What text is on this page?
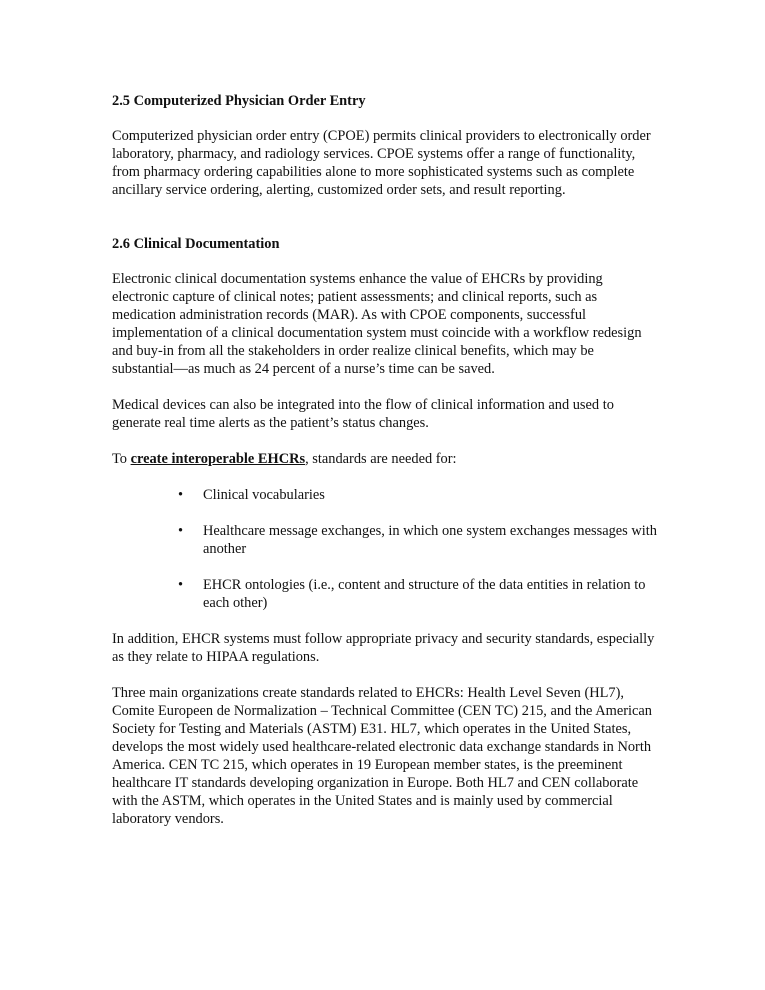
2.5 Computerized Physician Order Entry

Computerized physician order entry (CPOE) permits clinical providers to electronically order laboratory, pharmacy, and radiology services. CPOE systems offer a range of functionality, from pharmacy ordering capabilities alone to more sophisticated systems such as complete ancillary service ordering, alerting, customized order sets, and result reporting.

2.6 Clinical Documentation

Electronic clinical documentation systems enhance the value of EHCRs by providing electronic capture of clinical notes; patient assessments; and clinical reports, such as medication administration records (MAR). As with CPOE components, successful implementation of a clinical documentation system must coincide with a workflow redesign and buy-in from all the stakeholders in order realize clinical benefits, which may be substantial—as much as 24 percent of a nurse’s time can be saved.

Medical devices can also be integrated into the flow of clinical information and used to generate real time alerts as the patient’s status changes.

To create interoperable EHCRs, standards are needed for:

• Clinical vocabularies
• Healthcare message exchanges, in which one system exchanges messages with another
• EHCR ontologies (i.e., content and structure of the data entities in relation to each other)

In addition, EHCR systems must follow appropriate privacy and security standards, especially as they relate to HIPAA regulations.

Three main organizations create standards related to EHCRs: Health Level Seven (HL7), Comite Europeen de Normalization – Technical Committee (CEN TC) 215, and the American Society for Testing and Materials (ASTM) E31. HL7, which operates in the United States, develops the most widely used healthcare-related electronic data exchange standards in North America. CEN TC 215, which operates in 19 European member states, is the preeminent healthcare IT standards developing organization in Europe. Both HL7 and CEN collaborate with the ASTM, which operates in the United States and is mainly used by commercial laboratory vendors.
